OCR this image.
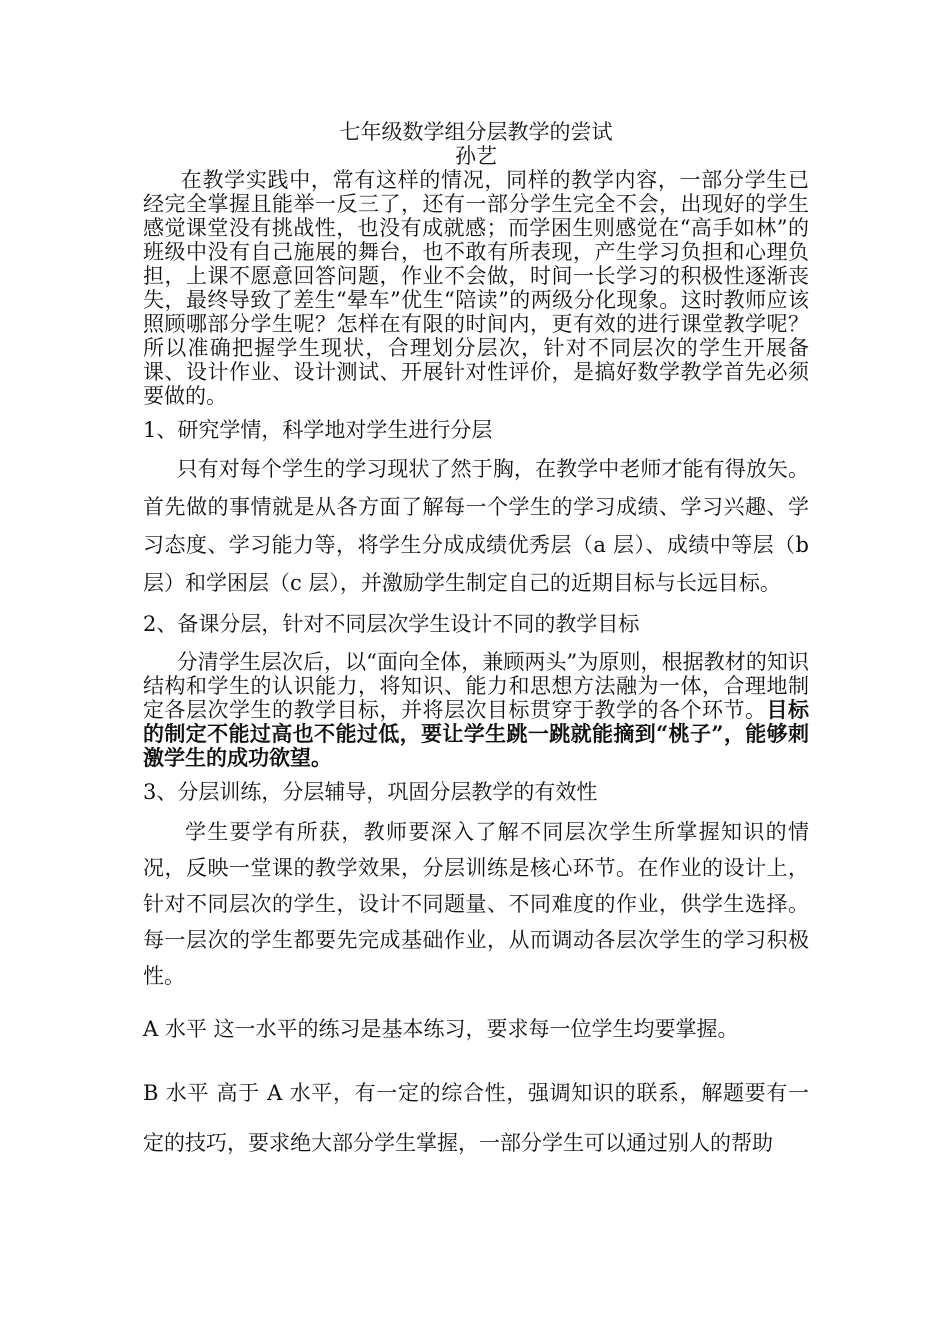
七年级数学组分层教学的尝试

孙艺

在教学实践中，常有这样的情况，同样的教学内容，一部分学生已经完全掌握且能举一反三了，还有一部分学生完全不会，出现好的学生感觉课堂没有挑战性，也没有成就感；而学困生则感觉在“高手如林”的班级中没有自己施展的舞台，也不敢有所表现，产生学习负担和心理负担，上课不愿意回答问题，作业不会做，时间一长学习的积极性逐渐丧失，最终导致了差生“晕车”优生“陪读”的两级分化现象。这时教师应该照顾哪部分学生呢？怎样在有限的时间内，更有效的进行课堂教学呢？所以准确把握学生现状，合理划分层次，针对不同层次的学生开展备课、设计作业、设计测试、开展针对性评价，是搞好数学教学首先必须要做的。

1、研究学情，科学地对学生进行分层

只有对每个学生的学习现状了然于胸，在教学中老师才能有得放矢。首先做的事情就是从各方面了解每一个学生的学习成绩、学习兴趣、学习态度、学习能力等，将学生分成成绩优秀层（a 层）、成绩中等层（b 层）和学困层（c 层），并激励学生制定自己的近期目标与长远目标。

2、备课分层，针对不同层次学生设计不同的教学目标

分清学生层次后，以“面向全体，兼顾两头”为原则，根据教材的知识结构和学生的认识能力，将知识、能力和思想方法融为一体，合理地制定各层次学生的教学目标，并将层次目标贯穿于教学的各个环节。目标的制定不能过高也不能过低，要让学生跳一跳就能摘到“桃子”，能够刺激学生的成功欲望。

3、分层训练，分层辅导，巩固分层教学的有效性

学生要学有所获，教师要深入了解不同层次学生所掌握知识的情况，反映一堂课的教学效果，分层训练是核心环节。在作业的设计上，针对不同层次的学生，设计不同题量、不同难度的作业，供学生选择。每一层次的学生都要先完成基础作业，从而调动各层次学生的学习积极性。

A 水平 这一水平的练习是基本练习，要求每一位学生均要掌握。

B 水平 高于 A 水平，有一定的综合性，强调知识的联系，解题要有一定的技巧，要求绝大部分学生掌握，一部分学生可以通过别人的帮助
